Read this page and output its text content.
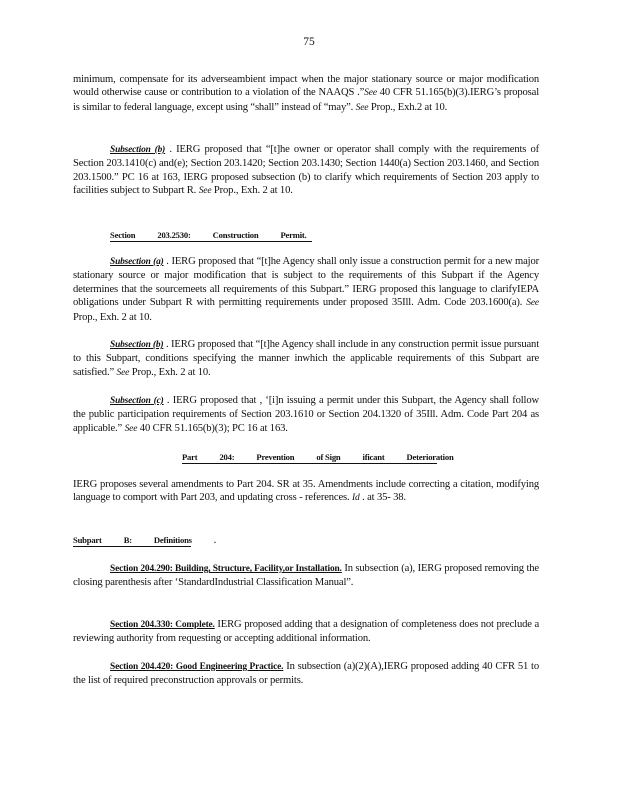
75
minimum, compensate for its adverseambient impact when the major stationary source or major modification would otherwise cause or contribution to a violation of the NAAQS .”See 40 CFR 51.165(b)(3).IERG’s proposal is similar to federal language, except using “shall” instead of “may”. See Prop., Exh.2 at 10.
Subsection (b) . IERG proposed that “[t]he owner or operator shall comply with the requirements of Section 203.1410(c) and(e); Section 203.1420; Section 203.1430; Section 1440(a) Section 203.1460, and Section 203.1500.” PC 16 at 163, IERG proposed subsection (b) to clarify which requirements of Section 203 apply to facilities subject to Subpart R. See Prop., Exh. 2 at 10.
Section	203.2530:	Construction	Permit.
Subsection (a) . IERG proposed that “[t]he Agency shall only issue a construction permit for a new major stationary source or major modification that is subject to the requirements of this Subpart if the Agency determines that the sourcemeets all requirements of this Subpart.” IERG proposed this language to clarifyIEPA obligations under Subpart R with permitting requirements under proposed 35Ill. Adm. Code 203.1600(a). See Prop., Exh. 2 at 10.
Subsection (b) . IERG proposed that “[t]he Agency shall include in any construction permit issue pursuant to this Subpart, conditions specifying the manner inwhich the applicable requirements of this Subpart are satisfied.” See Prop., Exh. 2 at 10.
Subsection (c) . IERG proposed that , ‘[i]n issuing a permit under this Subpart, the Agency shall follow the public participation requirements of Section 203.1610 or Section 204.1320 of 35Ill. Adm. Code Part 204 as applicable.” See 40 CFR 51.165(b)(3); PC 16 at 163.
Part	204:	Prevention	of Sign	ificant	Deterioration
IERG proposes several amendments to Part 204. SR at 35. Amendments include correcting a citation, modifying language to comport with Part 203, and updating cross - references. Id . at 35- 38.
Subpart	B:	Definitions	.
Section 204.290: Building, Structure, Facility,or Installation. In subsection (a), IERG proposed removing the closing parenthesis after ‘StandardIndustrial Classification Manual”.
Section 204.330: Complete. IERG proposed adding that a designation of completeness does not preclude a reviewing authority from requesting or accepting additional information.
Section 204.420: Good Engineering Practice. In subsection (a)(2)(A),IERG proposed adding 40 CFR 51 to the list of required preconstruction approvals or permits.
